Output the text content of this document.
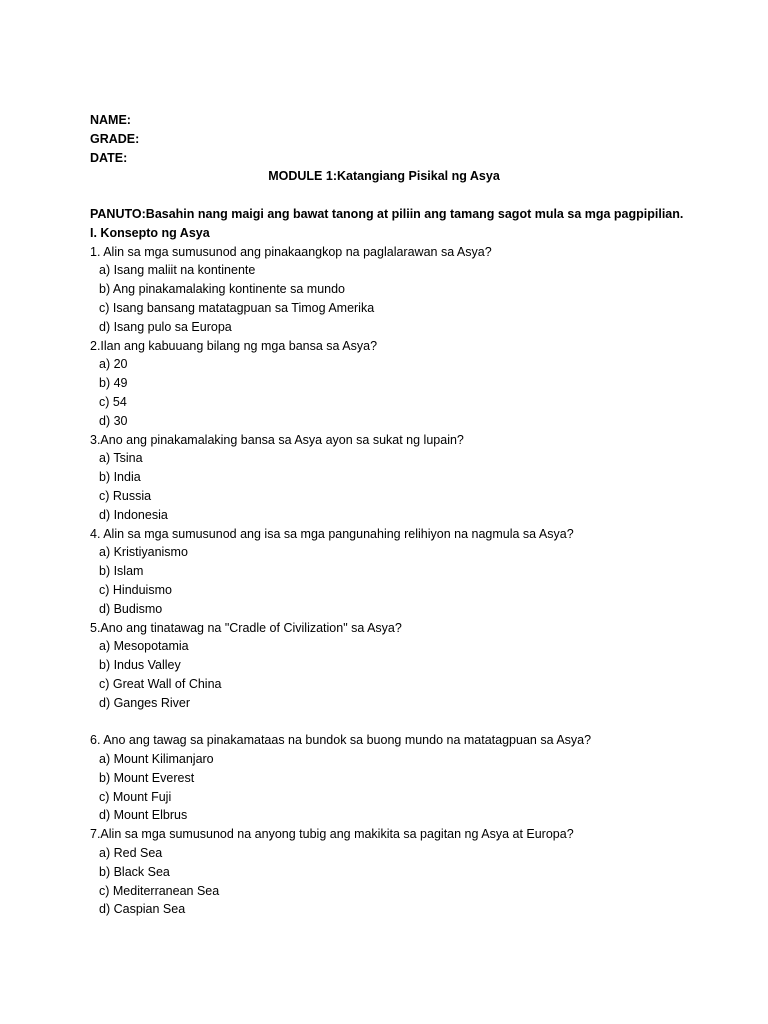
NAME:
GRADE:
DATE:
MODULE 1:Katangiang Pisikal ng Asya
PANUTO:Basahin nang maigi ang bawat tanong at piliin ang tamang sagot mula sa mga pagpipilian.
I. Konsepto ng Asya
1. Alin sa mga sumusunod ang pinakaangkop na paglalarawan sa Asya?
a) Isang maliit na kontinente
b) Ang pinakamalaking kontinente sa mundo
c) Isang bansang matatagpuan sa Timog Amerika
d) Isang pulo sa Europa
2.Ilan ang kabuuang bilang ng mga bansa sa Asya?
a) 20
b) 49
c) 54
d) 30
3.Ano ang pinakamalaking bansa sa Asya ayon sa sukat ng lupain?
a) Tsina
b) India
c) Russia
d) Indonesia
4. Alin sa mga sumusunod ang isa sa mga pangunahing relihiyon na nagmula sa Asya?
a) Kristiyanismo
b) Islam
c) Hinduismo
d) Budismo
5.Ano ang tinatawag na "Cradle of Civilization" sa Asya?
a) Mesopotamia
b) Indus Valley
c) Great Wall of China
d) Ganges River
6. Ano ang tawag sa pinakamataas na bundok sa buong mundo na matatagpuan sa Asya?
a) Mount Kilimanjaro
b) Mount Everest
c) Mount Fuji
d) Mount Elbrus
7.Alin sa mga sumusunod na anyong tubig ang makikita sa pagitan ng Asya at Europa?
a) Red Sea
b) Black Sea
c) Mediterranean Sea
d) Caspian Sea
